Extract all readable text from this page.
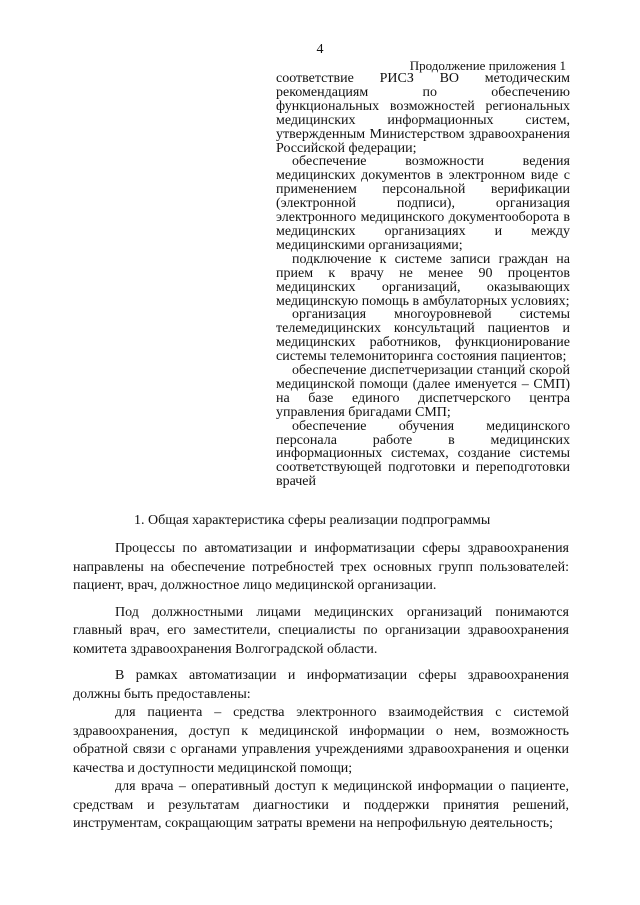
4
Продолжение приложения 1

соответствие РИСЗ ВО методическим рекомендациям по обеспечению функциональных возможностей региональных медицинских информационных систем, утвержденным Министерством здравоохранения Российской федерации;

обеспечение возможности ведения медицинских документов в электронном виде с применением персональной верификации (электронной подписи), организация электронного медицинского документооборота в медицинских организациях и между медицинскими организациями;

подключение к системе записи граждан на прием к врачу не менее 90 процентов медицинских организаций, оказывающих медицинскую помощь в амбулаторных условиях;

организация многоуровневой системы телемедицинских консультаций пациентов и медицинских работников, функционирование системы телемониторинга состояния пациентов;

обеспечение диспетчеризации станций скорой медицинской помощи (далее именуется – СМП) на базе единого диспетчерского центра управления бригадами СМП;

обеспечение обучения медицинского персонала работе в медицинских информационных системах, создание системы соответствующей подготовки и переподготовки врачей

1. Общая характеристика сферы реализации подпрограммы

Процессы по автоматизации и информатизации сферы здравоохранения направлены на обеспечение потребностей трех основных групп пользователей: пациент, врач, должностное лицо медицинской организации.

Под должностными лицами медицинских организаций понимаются главный врач, его заместители, специалисты по организации здравоохранения комитета здравоохранения Волгоградской области.

В рамках автоматизации и информатизации сферы здравоохранения должны быть предоставлены:

для пациента – средства электронного взаимодействия с системой здравоохранения, доступ к медицинской информации о нем, возможность обратной связи с органами управления учреждениями здравоохранения и оценки качества и доступности медицинской помощи;

для врача – оперативный доступ к медицинской информации о пациенте, средствам и результатам диагностики и поддержки принятия решений, инструментам, сокращающим затраты времени на непрофильную деятельность;
